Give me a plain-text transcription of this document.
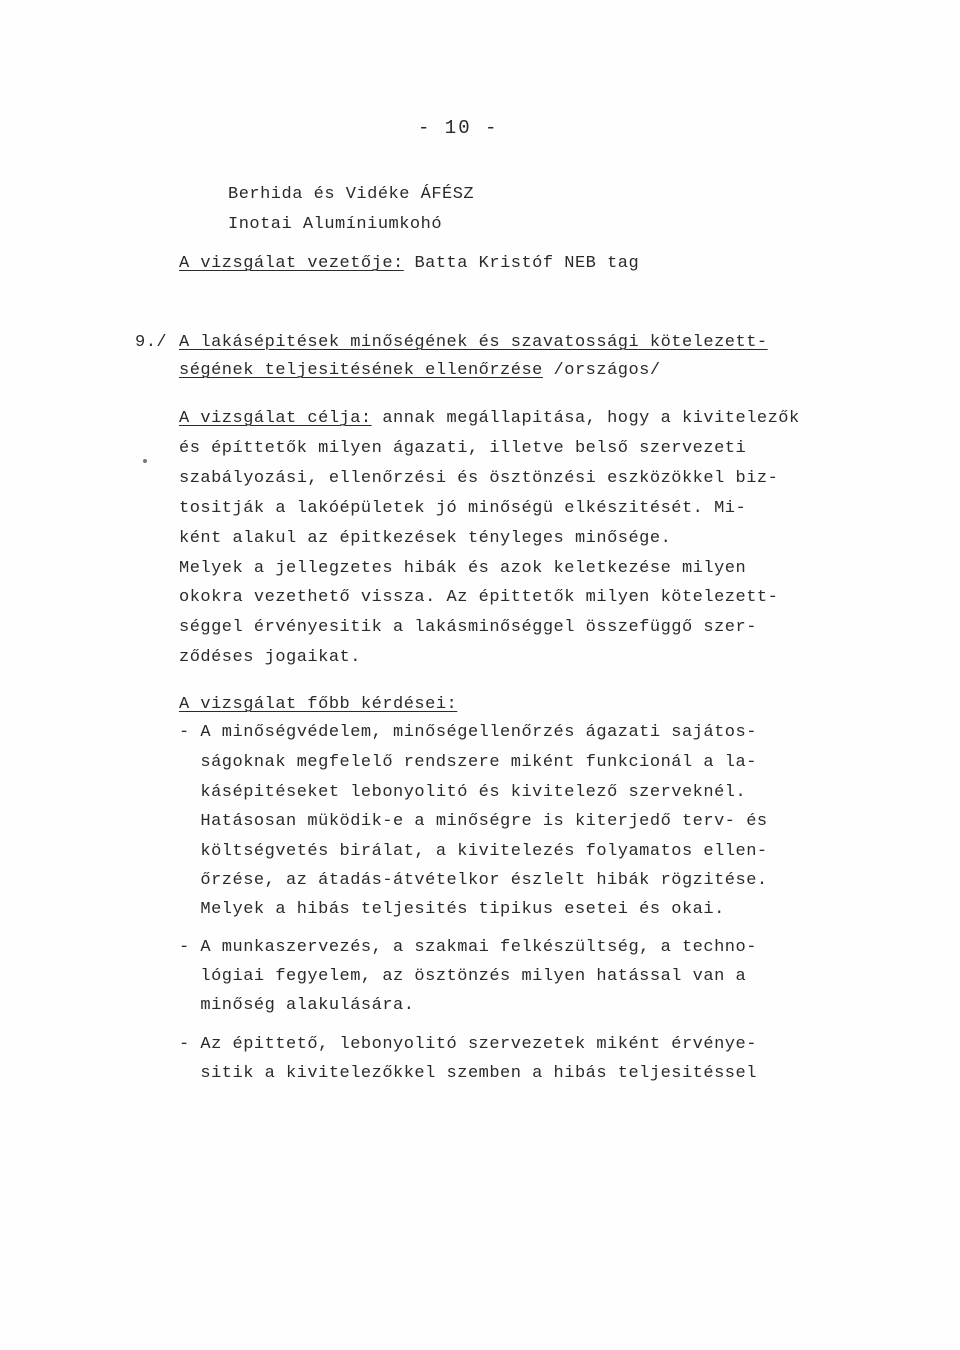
- 10 -
Berhida és Vidéke ÁFÉSZ
Inotai Alumíniumkohó
A vizsgálat vezetője: Batta Kristóf NEB tag
9./ A lakásépitések minőségének és szavatossági kötelezett-
ségének teljesitésének ellenőrzése /országos/
A vizsgálat célja: annak megállapitása, hogy a kivitelezők
és építtetők milyen ágazati, illetve belső szervezeti
szabályozási, ellenőrzési és ösztönzési eszközökkel biz-
tositják a lakóépületek jó minőségü elkészitését. Mi-
ként alakul az épitkezések tényleges minősége.
Melyek a jellegzetes hibák és azok keletkezése milyen
okokra vezethető vissza. Az épittetők milyen kötelezett-
séggel érvényesitik a lakásminőséggel összefüggő szer-
ződéses jogaikat.
A vizsgálat főbb kérdései:
- A minőségvédelem, minőségellenőrzés ágazati sajátos-
ságoknak megfelelő rendszere miként funkcionál a la-
kásépitéseket lebonyolitó és kivitelező szerveknél.
Hatásosan müködik-e a minőségre is kiterjedő terv- és
költségvetés birálat, a kivitelezés folyamatos ellen-
őrzése, az átadás-átvételkor észlelt hibák rögzitése.
Melyek a hibás teljesités tipikus esetei és okai.
- A munkaszervezés, a szakmai felkészültség, a techno-
lógiai fegyelem, az ösztönzés milyen hatással van a
minőség alakulására.
- Az épittető, lebonyolitó szervezetek miként érvénye-
sitik a kivitelezőkkel szemben a hibás teljesitéssel
